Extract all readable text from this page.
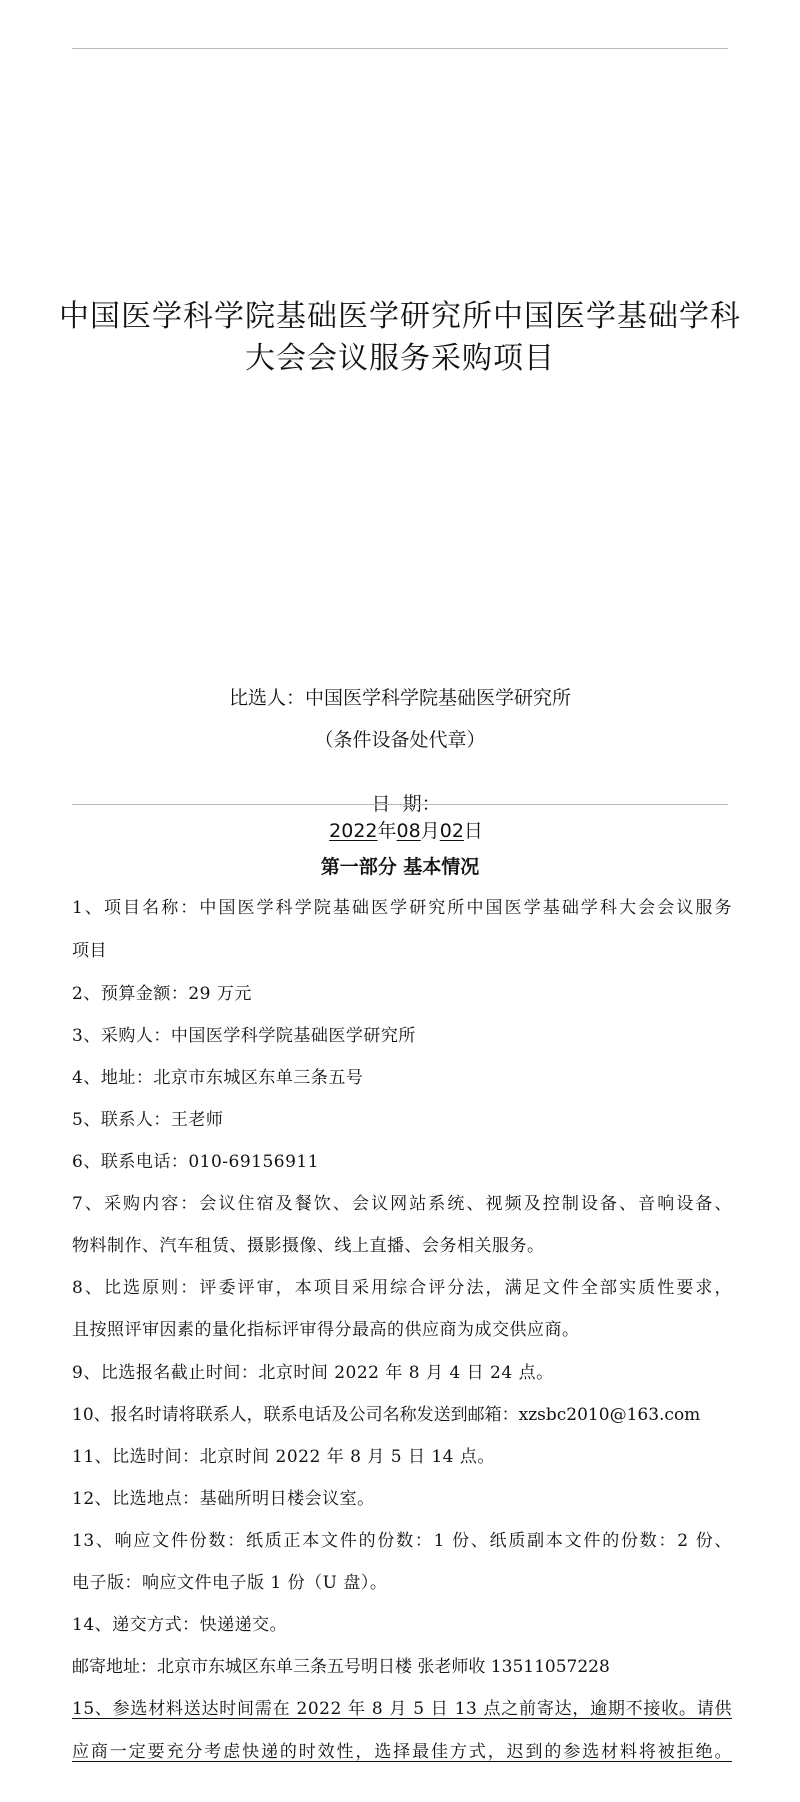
中国医学科学院基础医学研究所中国医学基础学科
大会会议服务采购项目
比选人：中国医学科学院基础医学研究所
（条件设备处代章）

日  期：
2022年08月02日

第一部分 基本情况
1、项目名称：中国医学科学院基础医学研究所中国医学基础学科大会会议服务
项目
2、预算金额：29 万元
3、采购人：中国医学科学院基础医学研究所
4、地址：北京市东城区东单三条五号
5、联系人：王老师
6、联系电话：010-69156911
7、采购内容：会议住宿及餐饮、会议网站系统、视频及控制设备、音响设备、
物料制作、汽车租赁、摄影摄像、线上直播、会务相关服务。
8、比选原则：评委评审，本项目采用综合评分法，满足文件全部实质性要求，
且按照评审因素的量化指标评审得分最高的供应商为成交供应商。
9、比选报名截止时间：北京时间 2022 年 8 月 4 日 24 点。
10、报名时请将联系人，联系电话及公司名称发送到邮箱：xzsbc2010@163.com
11、比选时间：北京时间 2022 年 8 月 5 日 14 点。
12、比选地点：基础所明日楼会议室。
13、响应文件份数：纸质正本文件的份数：1 份、纸质副本文件的份数：2 份、
电子版：响应文件电子版 1 份（U 盘）。
14、递交方式：快递递交。
邮寄地址：北京市东城区东单三条五号明日楼 张老师收 13511057228
15、参选材料送达时间需在 2022 年 8 月 5 日 13 点之前寄达，逾期不接收。请供
应商一定要充分考虑快递的时效性，选择最佳方式，迟到的参选材料将被拒绝。
